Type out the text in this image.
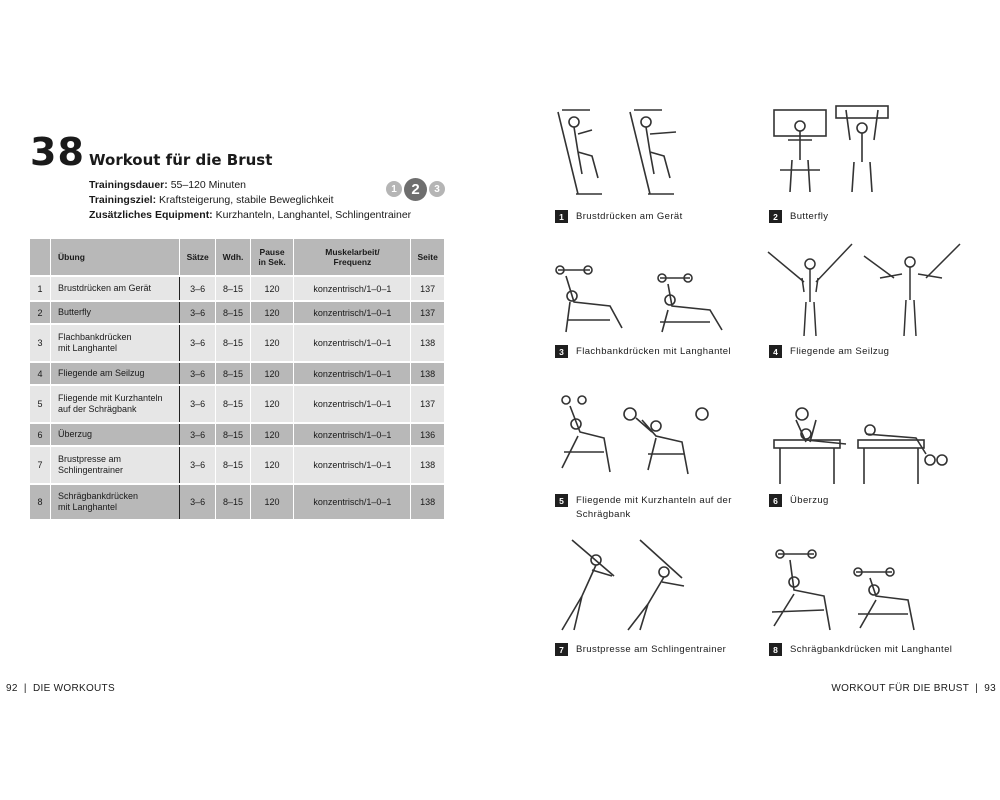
38 Workout für die Brust
Trainingsdauer: 55–120 Minuten
Trainingsziel: Kraftsteigerung, stabile Beweglichkeit
Zusätzliches Equipment: Kurzhanteln, Langhantel, Schlingentrainer
1 2	3
	Übung	Sätze	Wdh.	Pause
in Sek.	Muskelarbeit/
Frequenz	Seite
1	Brustdrücken am Gerät	3–6	8–15	120	konzentrisch/1–0–1	137
2	Butterfly	3–6	8–15	120	konzentrisch/1–0–1	137
3	Flachbankdrücken
mit Langhantel	3–6	8–15	120	konzentrisch/1–0–1	138
4	Fliegende am Seilzug	3–6	8–15	120	konzentrisch/1–0–1	138
5	Fliegende mit Kurzhanteln
auf der Schrägbank	3–6	8–15	120	konzentrisch/1–0–1	137
6	Überzug	3–6	8–15	120	konzentrisch/1–0–1	136
7	Brustpresse am
Schlingentrainer	3–6	8–15	120	konzentrisch/1–0–1	138
8	Schrägbankdrücken
mit Langhantel	3–6	8–15	120	konzentrisch/1–0–1	138
1	Brustdrücken am Gerät	2	Butterfly
3	Flachbankdrücken mit Langhantel	4	Fliegende am Seilzug
5	Fliegende mit Kurzhanteln auf der
Schrägbank
6	Überzug
7	Brustpresse am Schlingentrainer	8	Schrägbankdrücken mit Langhantel
92 | DIE WORKOUTS	WORKOUT FÜR DIE BRUST | 93
